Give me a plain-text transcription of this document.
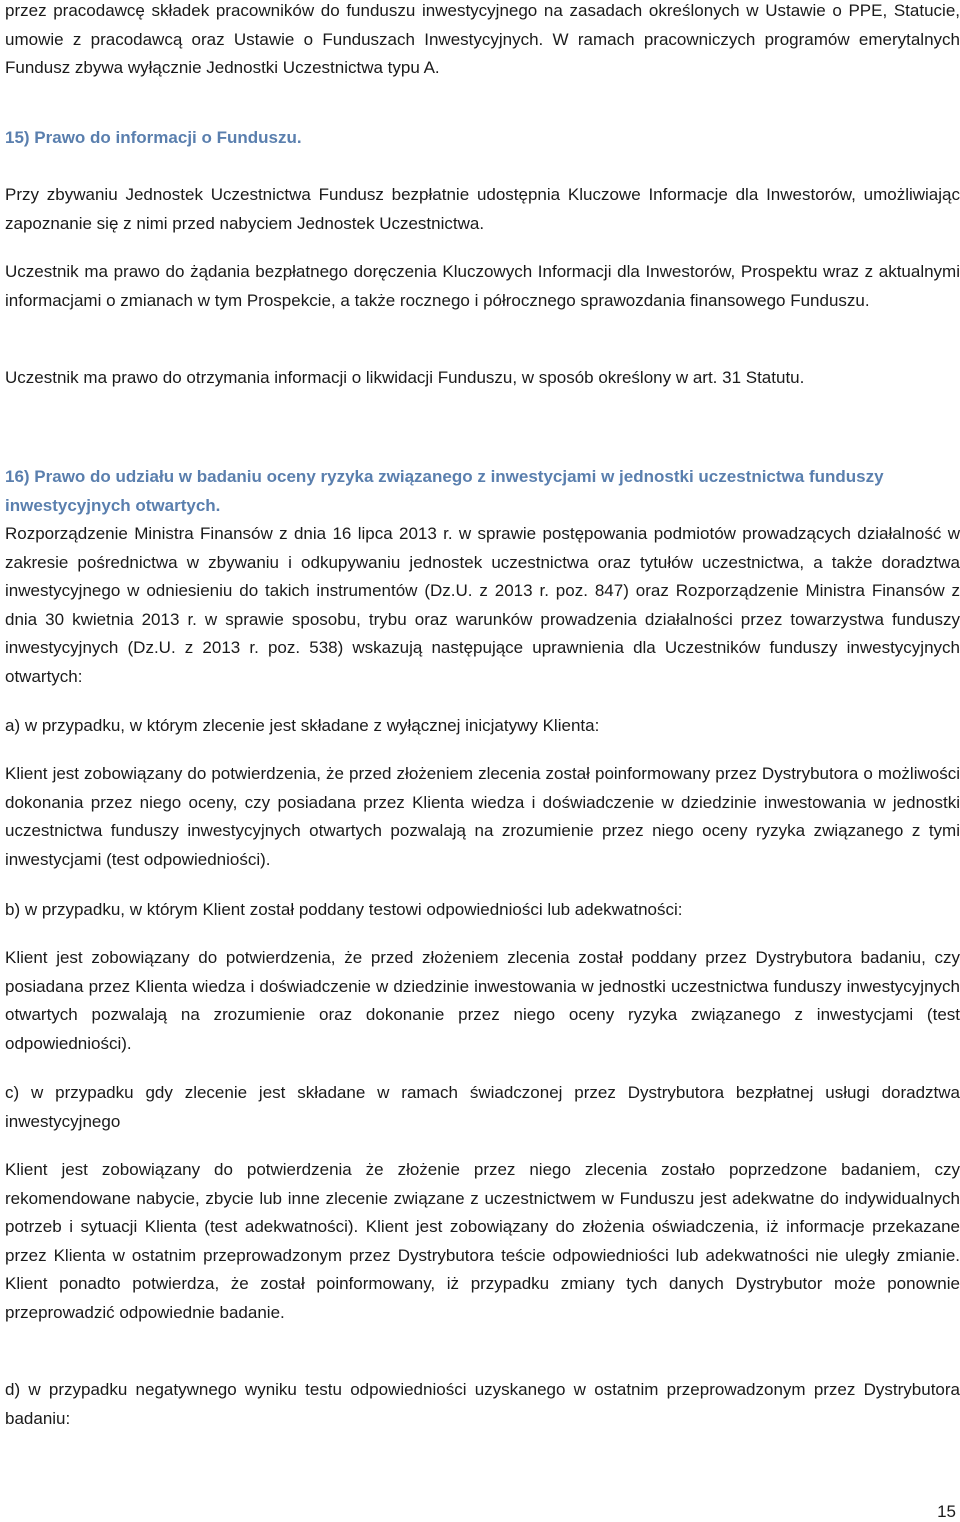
przez pracodawcę składek pracowników do funduszu inwestycyjnego na zasadach określonych w Ustawie o PPE, Statucie, umowie z pracodawcą oraz Ustawie o Funduszach Inwestycyjnych. W ramach pracowniczych programów emerytalnych Fundusz zbywa wyłącznie Jednostki Uczestnictwa typu A.

15) Prawo do informacji o Funduszu.

Przy zbywaniu Jednostek Uczestnictwa Fundusz bezpłatnie udostępnia Kluczowe Informacje dla Inwestorów, umożliwiając zapoznanie się z nimi przed nabyciem Jednostek Uczestnictwa.

Uczestnik ma prawo do żądania bezpłatnego doręczenia Kluczowych Informacji dla Inwestorów, Prospektu wraz z aktualnymi informacjami o zmianach w tym Prospekcie, a także rocznego i półrocznego sprawozdania finansowego Funduszu.

Uczestnik ma prawo do otrzymania informacji o likwidacji Funduszu, w sposób określony w art. 31 Statutu.

16) Prawo do udziału w badaniu oceny ryzyka związanego z inwestycjami w jednostki uczestnictwa funduszy inwestycyjnych otwartych.

Rozporządzenie Ministra Finansów z dnia 16 lipca 2013 r. w sprawie postępowania podmiotów prowadzących działalność w zakresie pośrednictwa w zbywaniu i odkupywaniu jednostek uczestnictwa oraz tytułów uczestnictwa, a także doradztwa inwestycyjnego w odniesieniu do takich instrumentów (Dz.U. z 2013 r. poz. 847) oraz Rozporządzenie Ministra Finansów z dnia 30 kwietnia 2013 r. w sprawie sposobu, trybu oraz warunków prowadzenia działalności przez towarzystwa funduszy inwestycyjnych (Dz.U. z 2013 r. poz. 538) wskazują następujące uprawnienia dla Uczestników funduszy inwestycyjnych otwartych:

a) w przypadku, w którym zlecenie jest składane z wyłącznej inicjatywy Klienta:

Klient jest zobowiązany do potwierdzenia, że przed złożeniem zlecenia został poinformowany przez Dystrybutora o możliwości dokonania przez niego oceny, czy posiadana przez Klienta wiedza i doświadczenie w dziedzinie inwestowania w jednostki uczestnictwa funduszy inwestycyjnych otwartych pozwalają na zrozumienie przez niego oceny ryzyka związanego z tymi inwestycjami (test odpowiedniości).

b) w przypadku, w którym Klient został poddany testowi odpowiedniości lub adekwatności:

Klient jest zobowiązany do potwierdzenia, że przed złożeniem zlecenia został poddany przez Dystrybutora badaniu, czy posiadana przez Klienta wiedza i doświadczenie w dziedzinie inwestowania w jednostki uczestnictwa funduszy inwestycyjnych otwartych pozwalają na zrozumienie oraz dokonanie przez niego oceny ryzyka związanego z inwestycjami (test odpowiedniości).

c) w przypadku gdy zlecenie jest składane w ramach świadczonej przez Dystrybutora bezpłatnej usługi doradztwa inwestycyjnego

Klient jest zobowiązany do potwierdzenia że złożenie przez niego zlecenia zostało poprzedzone badaniem, czy rekomendowane nabycie, zbycie lub inne zlecenie związane z uczestnictwem w Funduszu jest adekwatne do indywidualnych potrzeb i sytuacji Klienta (test adekwatności). Klient jest zobowiązany do złożenia oświadczenia, iż informacje przekazane przez Klienta w ostatnim przeprowadzonym przez Dystrybutora teście odpowiedniości lub adekwatności nie uległy zmianie. Klient ponadto potwierdza, że został poinformowany, iż przypadku zmiany tych danych Dystrybutor może ponownie przeprowadzić odpowiednie badanie.

d) w przypadku negatywnego wyniku testu odpowiedniości uzyskanego w ostatnim przeprowadzonym przez Dystrybutora badaniu:

15
